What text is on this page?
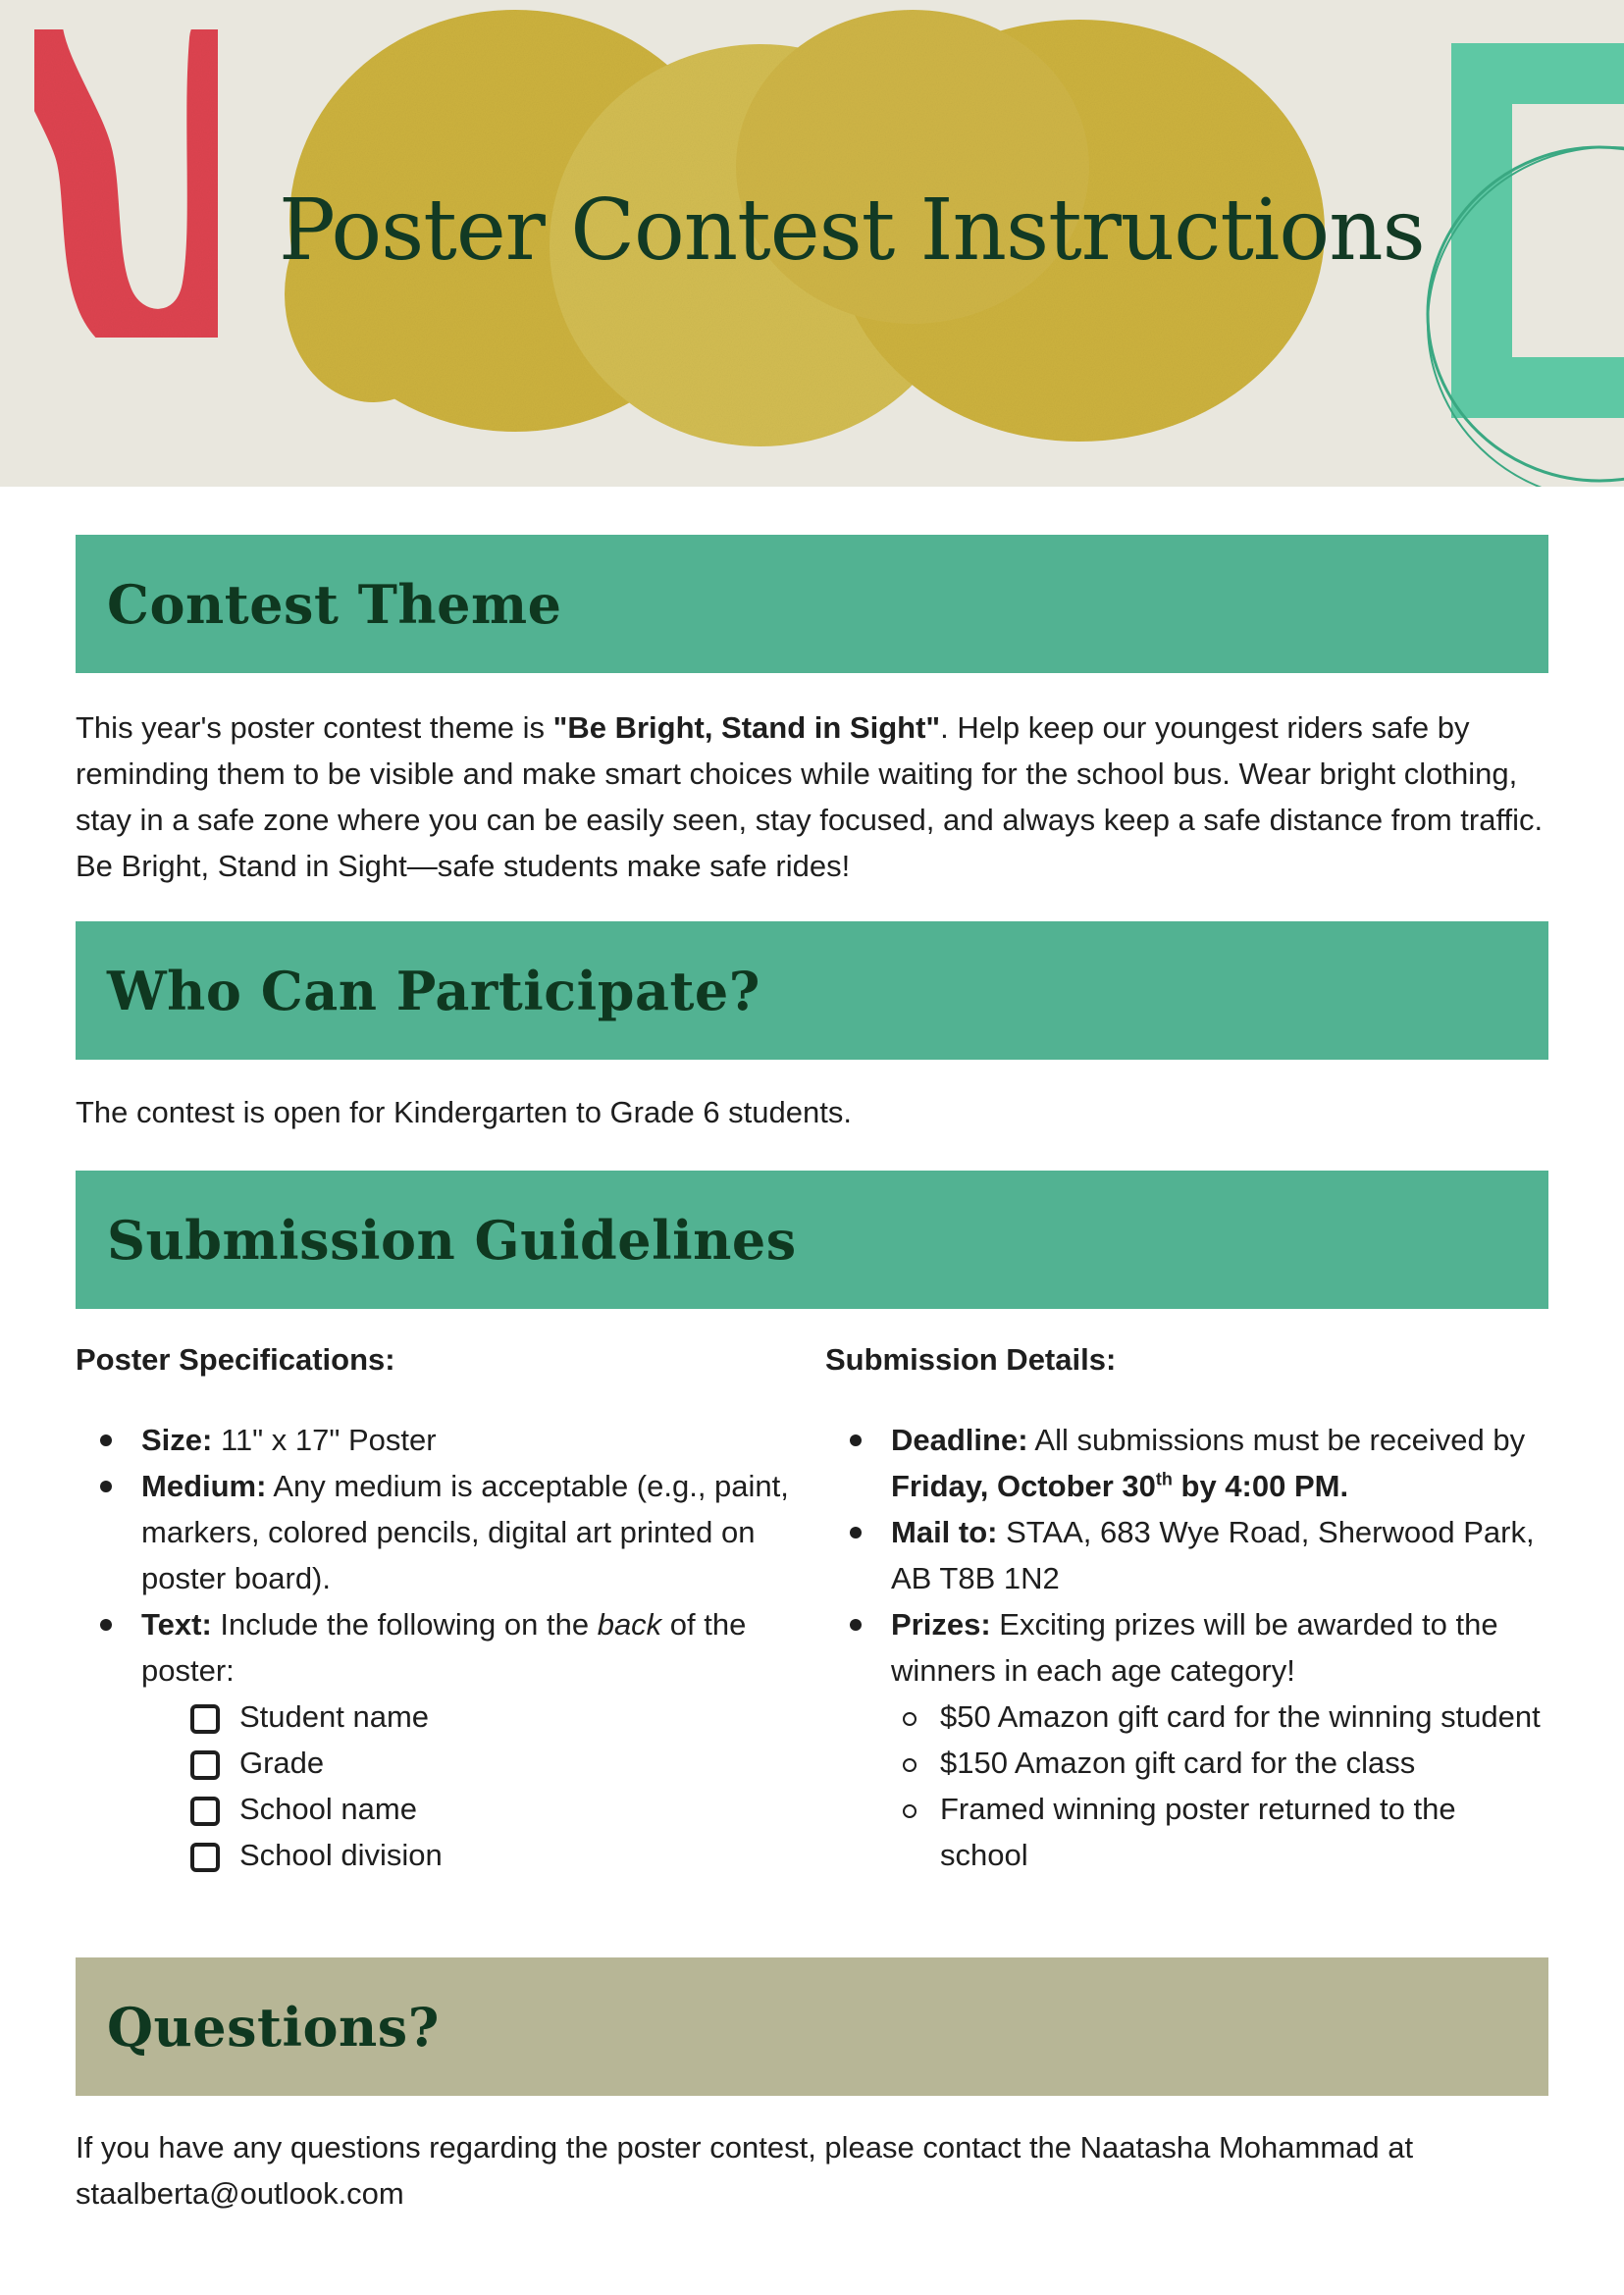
Poster Contest Instructions
Contest Theme

This year's poster contest theme is "Be Bright, Stand in Sight". Help keep our youngest riders safe by reminding them to be visible and make smart choices while waiting for the school bus. Wear bright clothing, stay in a safe zone where you can be easily seen, stay focused, and always keep a safe distance from traffic. Be Bright, Stand in Sight—safe students make safe rides!

Who Can Participate?

The contest is open for Kindergarten to Grade 6 students.

Submission Guidelines

Poster Specifications:

Size: 11" x 17" Poster
Medium: Any medium is acceptable (e.g., paint, markers, colored pencils, digital art printed on poster board).
Text: Include the following on the back of the poster:
Student name
Grade
School name
School division

Submission Details:

Deadline: All submissions must be received by Friday, October 30th by 4:00 PM.
Mail to: STAA, 683 Wye Road, Sherwood Park, AB T8B 1N2
Prizes: Exciting prizes will be awarded to the winners in each age category!
$50 Amazon gift card for the winning student
$150 Amazon gift card for the class
Framed winning poster returned to the school
Questions?

If you have any questions regarding the poster contest, please contact the Naatasha Mohammad at staalberta@outlook.com
